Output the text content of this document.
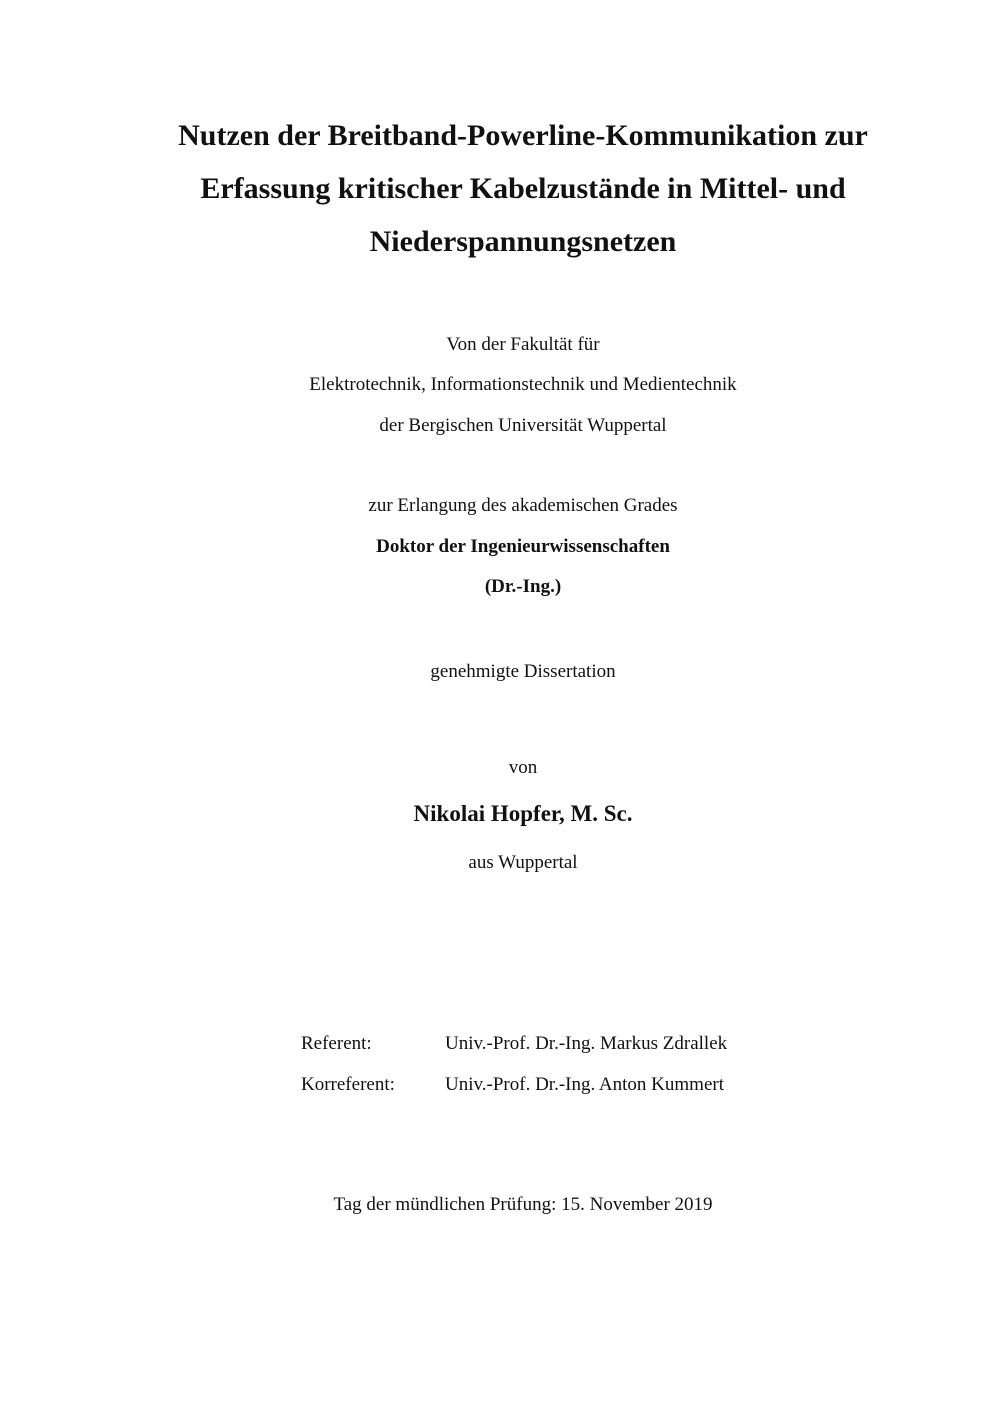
Nutzen der Breitband-Powerline-Kommunikation zur
Erfassung kritischer Kabelzustände in Mittel- und
Niederspannungsnetzen
Von der Fakultät für
Elektrotechnik, Informationstechnik und Medientechnik
der Bergischen Universität Wuppertal
zur Erlangung des akademischen Grades
Doktor der Ingenieurwissenschaften
(Dr.-Ing.)
genehmigte Dissertation
von
Nikolai Hopfer, M. Sc.
aus Wuppertal
Referent:	Univ.-Prof. Dr.-Ing. Markus Zdrallek
Korreferent:	Univ.-Prof. Dr.-Ing. Anton Kummert
Tag der mündlichen Prüfung: 15. November 2019
